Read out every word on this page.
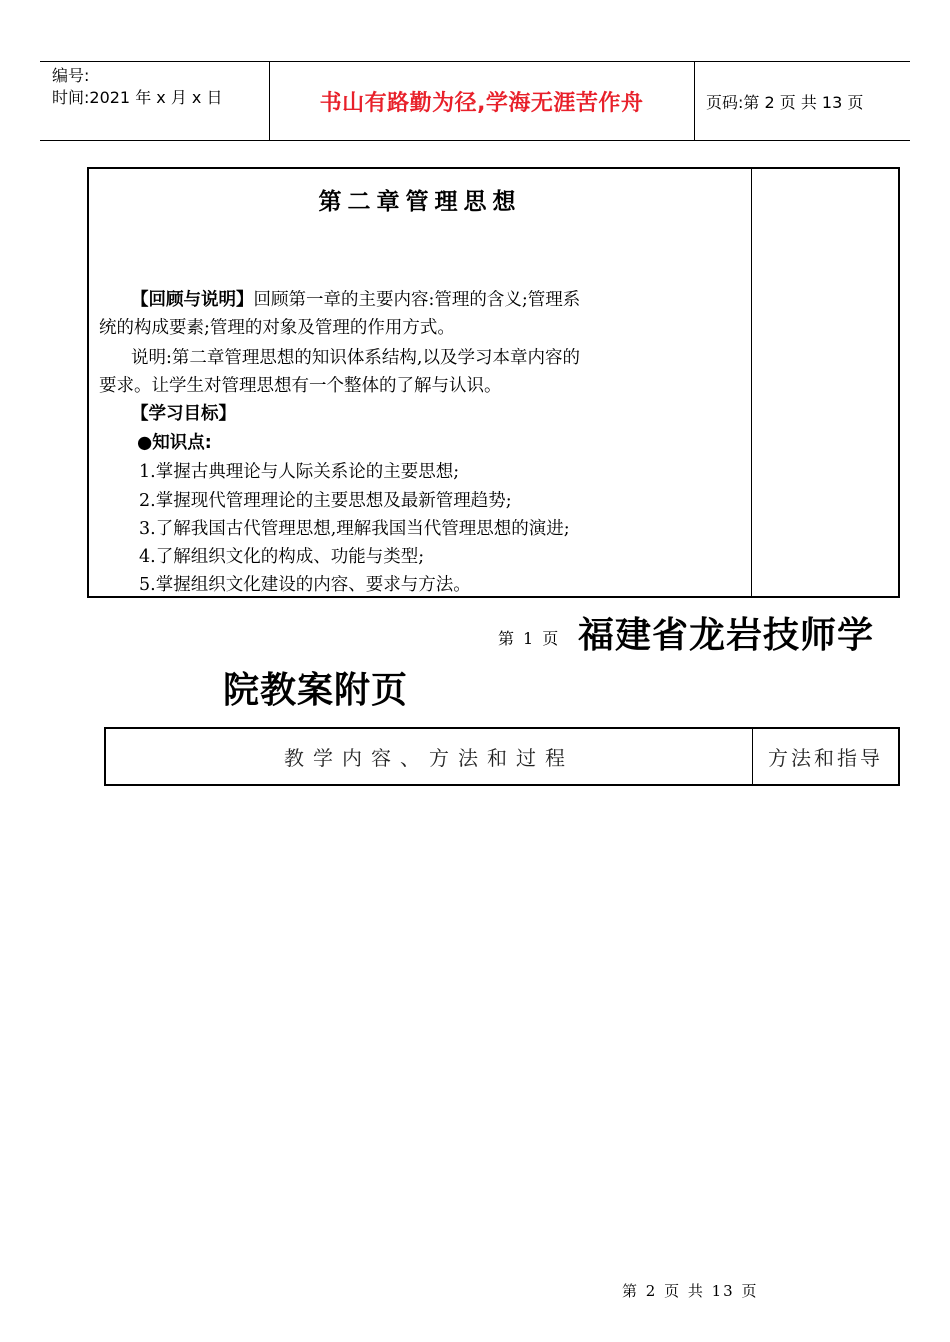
编号:
时间:2021 年 x 月 x 日	书山有路勤为径,学海无涯苦作舟	页码:第 2 页 共 13 页
第二章管理思想
【回顾与说明】回顾第一章的主要内容:管理的含义;管理系
统的构成要素;管理的对象及管理的作用方式。
说明:第二章管理思想的知识体系结构,以及学习本章内容的
要求。让学生对管理思想有一个整体的了解与认识。
【学习目标】
●知识点:
1.掌握古典理论与人际关系论的主要思想;
2.掌握现代管理理论的主要思想及最新管理趋势;
3.了解我国古代管理思想,理解我国当代管理思想的演进;
4.了解组织文化的构成、功能与类型;
5.掌握组织文化建设的内容、要求与方法。
第 1 页 福建省龙岩技师学
院教案附页
教学内容、方法和过程	方法和指导
第 2 页 共 13 页
